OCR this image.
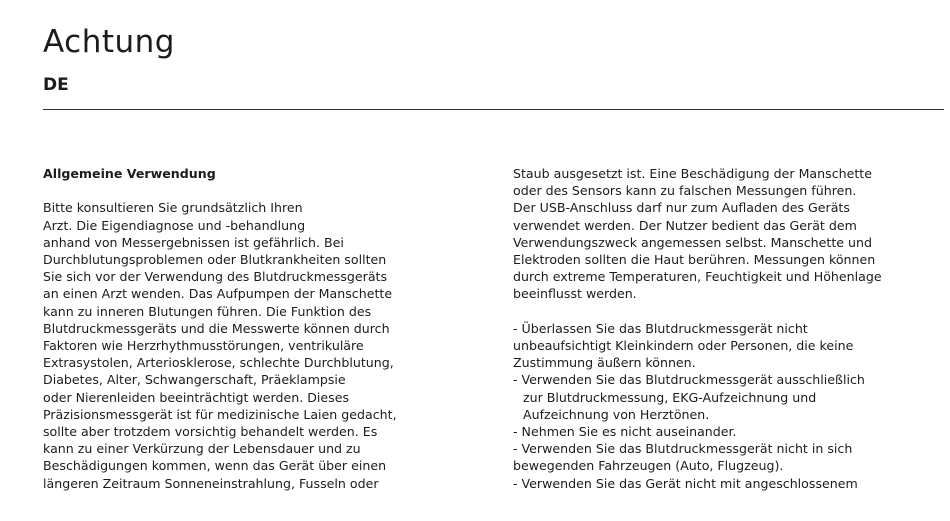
Achtung
DE

Allgemeine Verwendung

Bitte konsultieren Sie grundsätzlich Ihren
Arzt. Die Eigendiagnose und -behandlung
anhand von Messergebnissen ist gefährlich. Bei
Durchblutungsproblemen oder Blutkrankheiten sollten
Sie sich vor der Verwendung des Blutdruckmessgeräts
an einen Arzt wenden. Das Aufpumpen der Manschette
kann zu inneren Blutungen führen. Die Funktion des
Blutdruckmessgeräts und die Messwerte können durch
Faktoren wie Herzrhythmusstörungen, ventrikuläre
Extrasystolen, Arteriosklerose, schlechte Durchblutung,
Diabetes, Alter, Schwangerschaft, Präeklampsie
oder Nierenleiden beeinträchtigt werden. Dieses
Präzisionsmessgerät ist für medizinische Laien gedacht,
sollte aber trotzdem vorsichtig behandelt werden. Es
kann zu einer Verkürzung der Lebensdauer und zu
Beschädigungen kommen, wenn das Gerät über einen
längeren Zeitraum Sonneneinstrahlung, Fusseln oder

Staub ausgesetzt ist. Eine Beschädigung der Manschette
oder des Sensors kann zu falschen Messungen führen.
Der USB-Anschluss darf nur zum Aufladen des Geräts
verwendet werden. Der Nutzer bedient das Gerät dem
Verwendungszweck angemessen selbst. Manschette und
Elektroden sollten die Haut berühren. Messungen können
durch extreme Temperaturen, Feuchtigkeit und Höhenlage
beeinflusst werden.

- Überlassen Sie das Blutdruckmessgerät nicht
unbeaufsichtigt Kleinkindern oder Personen, die keine
Zustimmung äußern können.
- Verwenden Sie das Blutdruckmessgerät ausschließlich
zur Blutdruckmessung, EKG-Aufzeichnung und
Aufzeichnung von Herztönen.
- Nehmen Sie es nicht auseinander.
- Verwenden Sie das Blutdruckmessgerät nicht in sich
bewegenden Fahrzeugen (Auto, Flugzeug).
- Verwenden Sie das Gerät nicht mit angeschlossenem
